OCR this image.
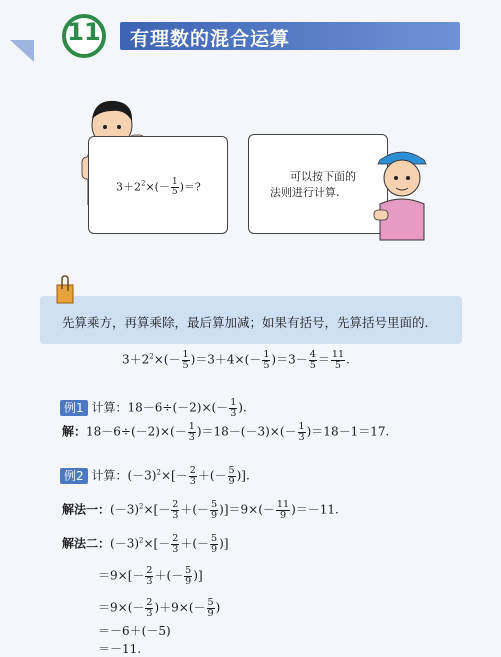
有理数的混合运算
11
$3+2^2\times(- \frac{1}{5}$ )＝?
可以按下面的
法则进行计算.
先算乘方，再算乘除，最后算加减；如果有括号，先算括号里面的.
$3+2^2\times(- \frac{1}{5} )=3+4\times(- \frac{1}{5} )=3- \frac{4}{5} = \frac{11}{5}$ .
例1 计算：$18-6\div(-2)\times(- \frac{1}{3}$ ).
解：$18-6\div(-2)\times(- \frac{1}{3} )=18-(-3)\times(- \frac{1}{3} )=18-1=17$.
例2 计算：$(-3)^2\times[- \frac{2}{3}$ ＋(－ $\frac{5}{9}$ )].
解法一：$(-3)^2\times[- \frac{2}{3}$ ＋(－ $\frac{5}{9} )]=9\times(- \frac{11}{9} )=-11$.
解法二：$(-3)^2\times[- \frac{2}{3}$ ＋(－ $\frac{5}{9}$ )]
$=9\times[- \frac{2}{3}$ ＋(－ $\frac{5}{9}$ )]
$=9\times(- \frac{2}{3} )+9\times(- \frac{5}{9}$ )
＝－6＋(－5)
＝－11.
